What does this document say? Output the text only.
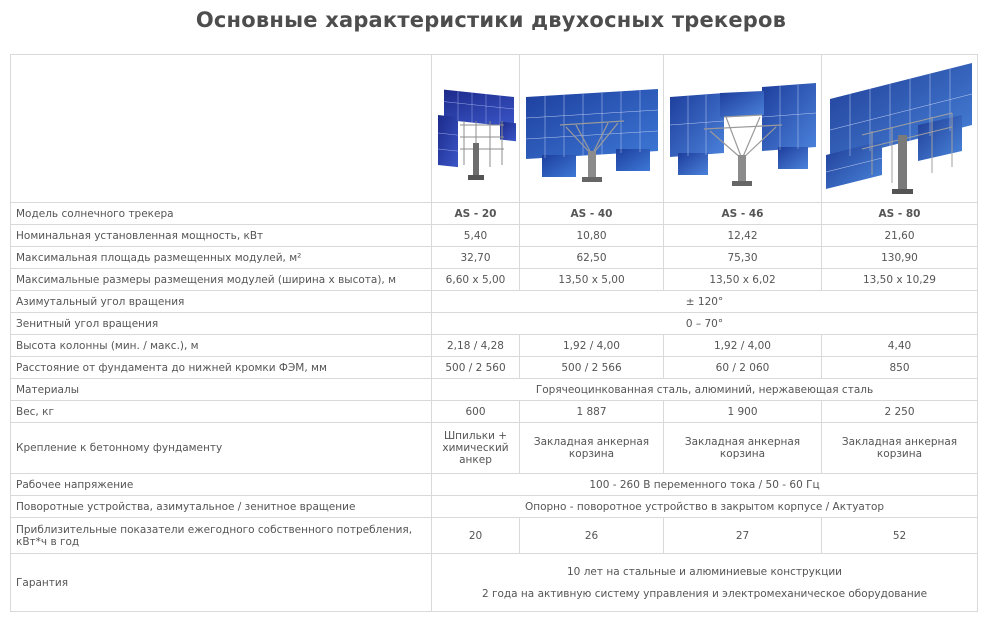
Основные характеристики двухосных трекеров

Модель солнечного трекера	AS - 20	AS - 40	AS - 46	AS - 80
Номинальная установленная мощность, кВт	5,40	10,80	12,42	21,60
Максимальная площадь размещенных модулей, м²	32,70	62,50	75,30	130,90
Максимальные размеры размещения модулей (ширина х высота), м	6,60 х 5,00	13,50 х 5,00	13,50 х 6,02	13,50 х 10,29
Азимутальный угол вращения	± 120°			
Зенитный угол вращения	0 – 70°			
Высота колонны (мин. / макс.), м	2,18 / 4,28	1,92 / 4,00	1,92 / 4,00	4,40
Расстояние от фундамента до нижней кромки ФЭМ, мм	500 / 2 560	500 / 2 566	60 / 2 060	850
Материалы	Горячеоцинкованная сталь, алюминий, нержавеющая сталь			
Вес, кг	600	1 887	1 900	2 250
Крепление к бетонному фундаменту	Шпильки + химический анкер	Закладная анкерная корзина	Закладная анкерная корзина	Закладная анкерная корзина
Рабочее напряжение	100 - 260 В переменного тока / 50 - 60 Гц			
Поворотные устройства, азимутальное / зенитное вращение	Опорно - поворотное устройство в закрытом корпусе / Актуатор			
Приблизительные показатели ежегодного собственного потребления, кВт*ч в год	20	26	27	52
Гарантия	10 лет на стальные и алюминиевые конструкции
2 года на активную систему управления и электромеханическое оборудование			
